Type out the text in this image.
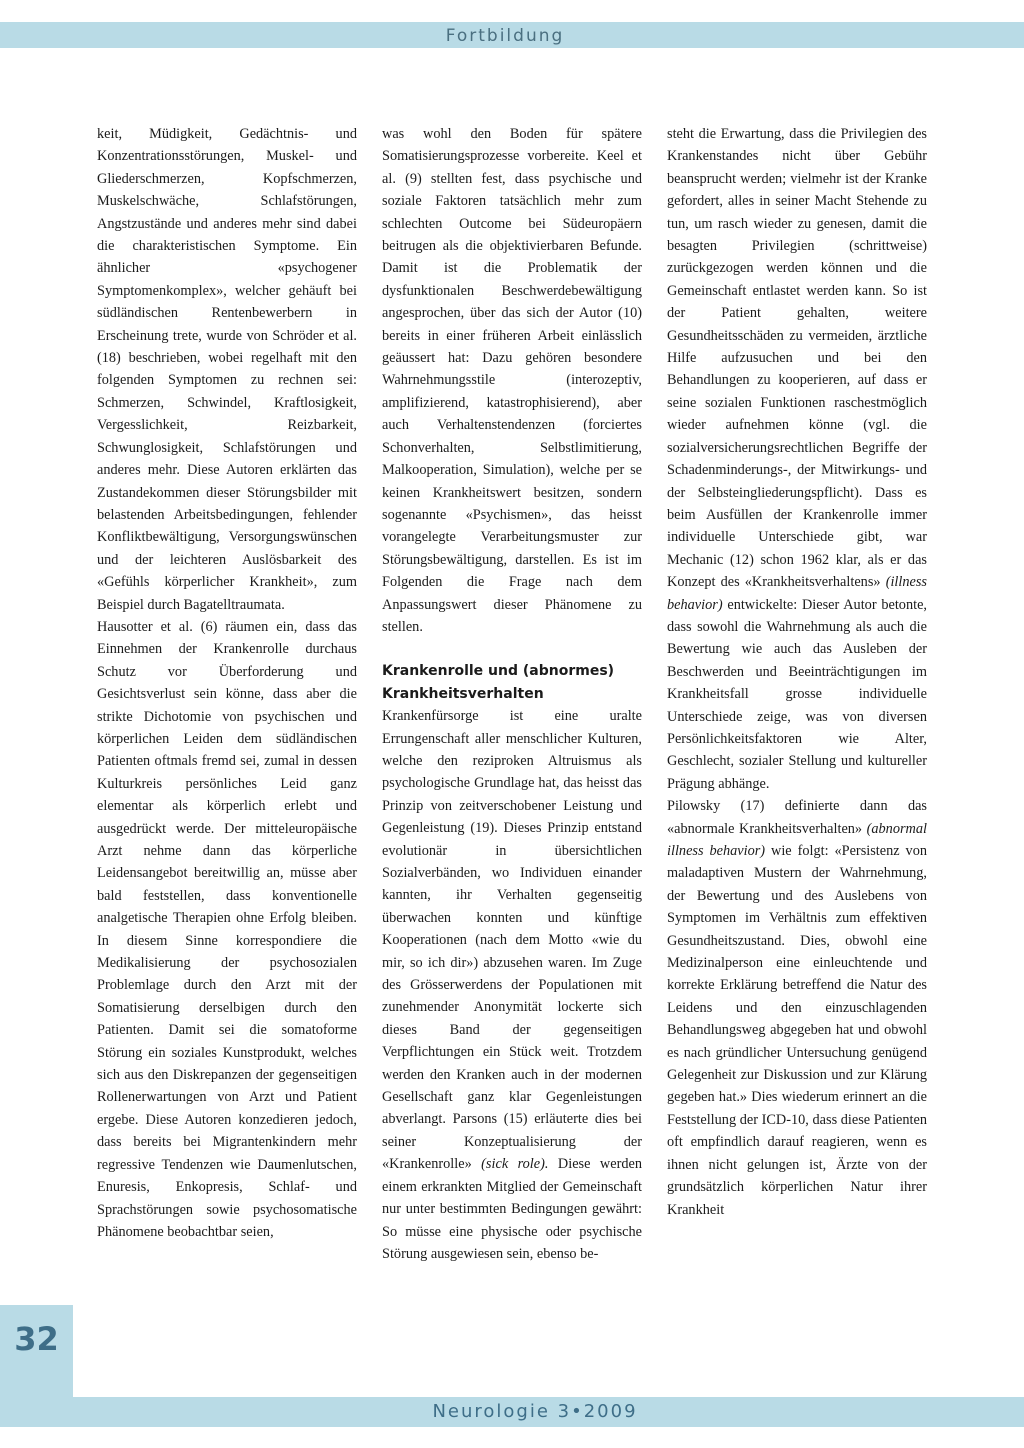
Fortbildung

keit, Müdigkeit, Gedächtnis- und Konzentrationsstörungen, Muskel- und Gliederschmerzen, Kopfschmerzen, Muskelschwäche, Schlafstörungen, Angstzustände und anderes mehr sind dabei die charakteristischen Symptome. Ein ähnlicher «psychogener Symptomenkomplex», welcher gehäuft bei südländischen Rentenbewerbern in Erscheinung trete, wurde von Schröder et al. (18) beschrieben, wobei regelhaft mit den folgenden Symptomen zu rechnen sei: Schmerzen, Schwindel, Kraftlosigkeit, Vergesslichkeit, Reizbarkeit, Schwunglosigkeit, Schlafstörungen und anderes mehr. Diese Autoren erklärten das Zustandekommen dieser Störungsbilder mit belastenden Arbeitsbedingungen, fehlender Konfliktbewältigung, Versorgungswünschen und der leichteren Auslösbarkeit des «Gefühls körperlicher Krankheit», zum Beispiel durch Bagatelltraumata.

Hausotter et al. (6) räumen ein, dass das Einnehmen der Krankenrolle durchaus Schutz vor Überforderung und Gesichtsverlust sein könne, dass aber die strikte Dichotomie von psychischen und körperlichen Leiden dem südländischen Patienten oftmals fremd sei, zumal in dessen Kulturkreis persönliches Leid ganz elementar als körperlich erlebt und ausgedrückt werde. Der mitteleuropäische Arzt nehme dann das körperliche Leidensangebot bereitwillig an, müsse aber bald feststellen, dass konventionelle analgetische Therapien ohne Erfolg bleiben. In diesem Sinne korrespondiere die Medikalisierung der psychosozialen Problemlage durch den Arzt mit der Somatisierung derselbigen durch den Patienten. Damit sei die somatoforme Störung ein soziales Kunstprodukt, welches sich aus den Diskrepanzen der gegenseitigen Rollenerwartungen von Arzt und Patient ergebe. Diese Autoren konzedieren jedoch, dass bereits bei Migrantenkindern mehr regressive Tendenzen wie Daumenlutschen, Enuresis, Enkopresis, Schlaf- und Sprachstörungen sowie psychosomatische Phänomene beobachtbar seien,

was wohl den Boden für spätere Somatisierungsprozesse vorbereite. Keel et al. (9) stellten fest, dass psychische und soziale Faktoren tatsächlich mehr zum schlechten Outcome bei Südeuropäern beitrugen als die objektivierbaren Befunde. Damit ist die Problematik der dysfunktionalen Beschwerdebewältigung angesprochen, über das sich der Autor (10) bereits in einer früheren Arbeit einlässlich geäussert hat: Dazu gehören besondere Wahrnehmungsstile (interozeptiv, amplifizierend, katastrophisierend), aber auch Verhaltenstendenzen (forciertes Schonverhalten, Selbstlimitierung, Malkooperation, Simulation), welche per se keinen Krankheitswert besitzen, sondern sogenannte «Psychismen», das heisst vorangelegte Verarbeitungsmuster zur Störungsbewältigung, darstellen. Es ist im Folgenden die Frage nach dem Anpassungswert dieser Phänomene zu stellen.

Krankenrolle und (abnormes) Krankheitsverhalten

Krankenfürsorge ist eine uralte Errungenschaft aller menschlicher Kulturen, welche den reziproken Altruismus als psychologische Grundlage hat, das heisst das Prinzip von zeitverschobener Leistung und Gegenleistung (19). Dieses Prinzip entstand evolutionär in übersichtlichen Sozialverbänden, wo Individuen einander kannten, ihr Verhalten gegenseitig überwachen konnten und künftige Kooperationen (nach dem Motto «wie du mir, so ich dir») abzusehen waren. Im Zuge des Grösserwerdens der Populationen mit zunehmender Anonymität lockerte sich dieses Band der gegenseitigen Verpflichtungen ein Stück weit. Trotzdem werden den Kranken auch in der modernen Gesellschaft ganz klar Gegenleistungen abverlangt. Parsons (15) erläuterte dies bei seiner Konzeptualisierung der «Krankenrolle» (sick role). Diese werden einem erkrankten Mitglied der Gemeinschaft nur unter bestimmten Bedingungen gewährt: So müsse eine physische oder psychische Störung ausgewiesen sein, ebenso be-

steht die Erwartung, dass die Privilegien des Krankenstandes nicht über Gebühr beansprucht werden; vielmehr ist der Kranke gefordert, alles in seiner Macht Stehende zu tun, um rasch wieder zu genesen, damit die besagten Privilegien (schrittweise) zurückgezogen werden können und die Gemeinschaft entlastet werden kann. So ist der Patient gehalten, weitere Gesundheitsschäden zu vermeiden, ärztliche Hilfe aufzusuchen und bei den Behandlungen zu kooperieren, auf dass er seine sozialen Funktionen raschestmöglich wieder aufnehmen könne (vgl. die sozialversicherungsrechtlichen Begriffe der Schadenminderungs-, der Mitwirkungs- und der Selbsteingliederungspflicht). Dass es beim Ausfüllen der Krankenrolle immer individuelle Unterschiede gibt, war Mechanic (12) schon 1962 klar, als er das Konzept des «Krankheitsverhaltens» (illness behavior) entwickelte: Dieser Autor betonte, dass sowohl die Wahrnehmung als auch die Bewertung wie auch das Ausleben der Beschwerden und Beeinträchtigungen im Krankheitsfall grosse individuelle Unterschiede zeige, was von diversen Persönlichkeitsfaktoren wie Alter, Geschlecht, sozialer Stellung und kultureller Prägung abhänge.

Pilowsky (17) definierte dann das «abnormale Krankheitsverhalten» (abnormal illness behavior) wie folgt: «Persistenz von maladaptiven Mustern der Wahrnehmung, der Bewertung und des Auslebens von Symptomen im Verhältnis zum effektiven Gesundheitszustand. Dies, obwohl eine Medizinalperson eine einleuchtende und korrekte Erklärung betreffend die Natur des Leidens und den einzuschlagenden Behandlungsweg abgegeben hat und obwohl es nach gründlicher Untersuchung genügend Gelegenheit zur Diskussion und zur Klärung gegeben hat.» Dies wiederum erinnert an die Feststellung der ICD-10, dass diese Patienten oft empfindlich darauf reagieren, wenn es ihnen nicht gelungen ist, Ärzte von der grundsätzlich körperlichen Natur ihrer Krankheit

32
Neurologie 3•2009
